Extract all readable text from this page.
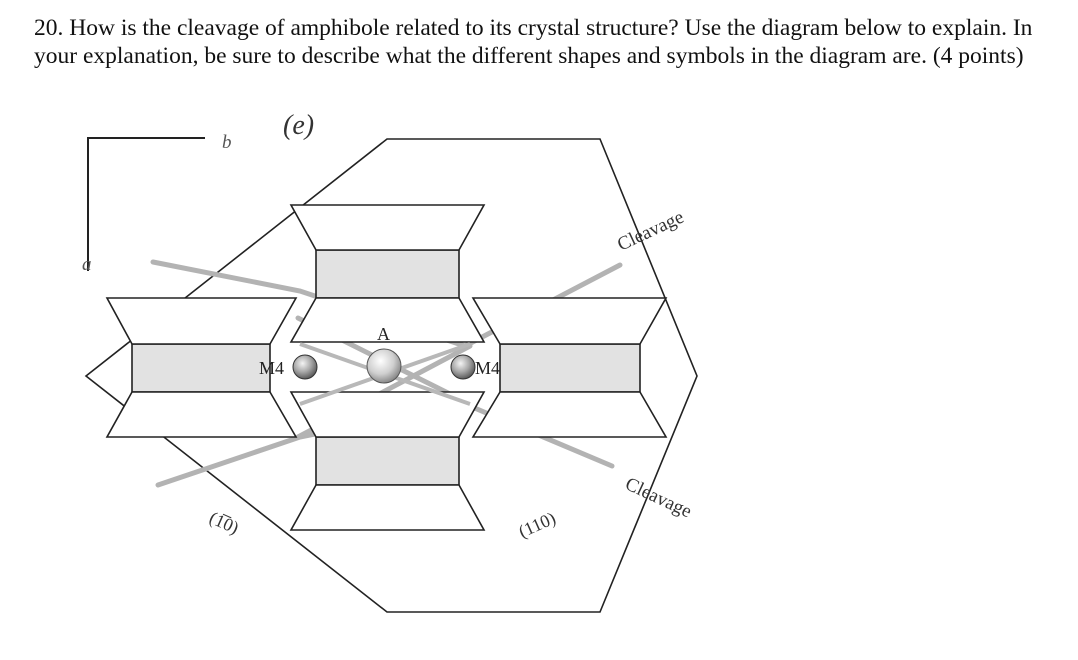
20. How is the cleavage of amphibole related to its crystal structure? Use the diagram below to explain. In your explanation, be sure to describe what the different shapes and symbols in the diagram are. (4 points)

b
a
(e)
M4
A
M4
(1̅0)	(110)
Cleavage
Cleavage
